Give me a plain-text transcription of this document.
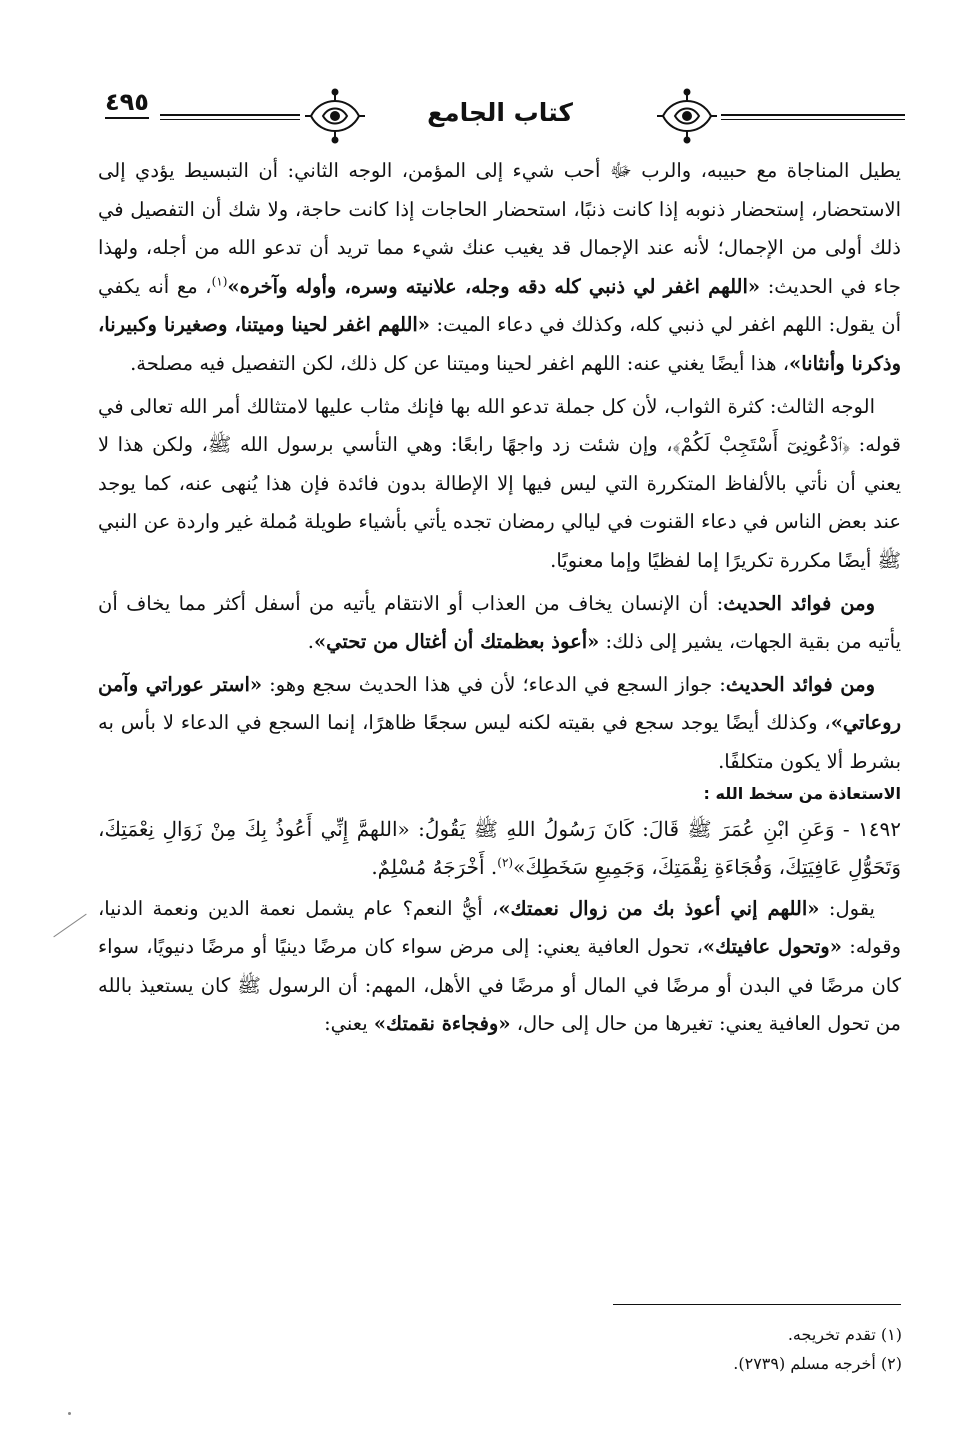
٤٩٥	كتاب الجامع

يطيل المناجاة مع حبيبه، والرب ﷻ أحب شيء إلى المؤمن، الوجه الثاني: أن التبسيط يؤدي إلى الاستحضار، إستحضار ذنوبه إذا كانت ذنبًا، استحضار الحاجات إذا كانت حاجة، ولا شك أن التفصيل في ذلك أولى من الإجمال؛ لأنه عند الإجمال قد يغيب عنك شيء مما تريد أن تدعو الله من أجله، ولهذا جاء في الحديث: «اللهم اغفر لي ذنبي كله دقه وجله، علانيته وسره، وأوله وآخره»$^{(١)}$، مع أنه يكفي أن يقول: اللهم اغفر لي ذنبي كله، وكذلك في دعاء الميت: «اللهم اغفر لحينا وميتنا، وصغيرنا وكبيرنا، وذكرنا وأنثانا»، هذا أيضًا يغني عنه: اللهم اغفر لحينا وميتنا عن كل ذلك، لكن التفصيل فيه مصلحة.

الوجه الثالث: كثرة الثواب، لأن كل جملة تدعو الله بها فإنك مثاب عليها لامتثالك أمر الله تعالى في قوله: ﴿ٱدْعُونِىٓ أَسْتَجِبْ لَكُمْ﴾، وإن شئت زد واجهًا رابعًا: وهي التأسي برسول الله ﷺ، ولكن هذا لا يعني أن نأتي بالألفاظ المتكررة التي ليس فيها إلا الإطالة بدون فائدة فإن هذا يُنهى عنه، كما يوجد عند بعض الناس في دعاء القنوت في ليالي رمضان تجده يأتي بأشياء طويلة مُملة غير واردة عن النبي ﷺ أيضًا مكررة تكريرًا إما لفظيًا وإما معنويًا.

ومن فوائد الحديث: أن الإنسان يخاف من العذاب أو الانتقام يأتيه من أسفل أكثر مما يخاف أن يأتيه من بقية الجهات، يشير إلى ذلك: «أعوذ بعظمتك أن أغتال من تحتي».

ومن فوائد الحديث: جواز السجع في الدعاء؛ لأن في هذا الحديث سجع وهو: «استر عوراتي وآمن روعاتي»، وكذلك أيضًا يوجد سجع في بقيته لكنه ليس سجعًا ظاهرًا، إنما السجع في الدعاء لا بأس به بشرط ألا يكون متكلفًا.

الاستعاذة من سخط الله :

١٤٩٢ - وَعَنِ ابْنِ عُمَرَ ﷺ قَالَ: كَانَ رَسُولُ اللهِ ﷺ يَقُولُ: «اللهمَّ إِنِّي أَعُوذُ بِكَ مِنْ زَوَالِ نِعْمَتِكَ، وَتَحَوُّلِ عَافِيَتِكَ، وَفُجَاءَةِ نِقْمَتِكَ، وَجَمِيعِ سَخَطِكَ»$^{(٢)}$. أَخْرَجَهُ مُسْلِمٌ.

يقول: «اللهم إني أعوذ بك من زوال نعمتك»، أيُّ النعم؟ عام يشمل نعمة الدين ونعمة الدنيا، وقوله: «وتحول عافيتك»، تحول العافية يعني: إلى مرض سواء كان مرضًا دينيًا أو مرضًا دنيويًا، سواء كان مرضًا في البدن أو مرضًا في المال أو مرضًا في الأهل، المهم: أن الرسول ﷺ كان يستعيذ بالله من تحول العافية يعني: تغيرها من حال إلى حال، «وفجاءة نقمتك» يعني:

(١) تقدم تخريجه.
(٢) أخرجه مسلم (٢٧٣٩).
